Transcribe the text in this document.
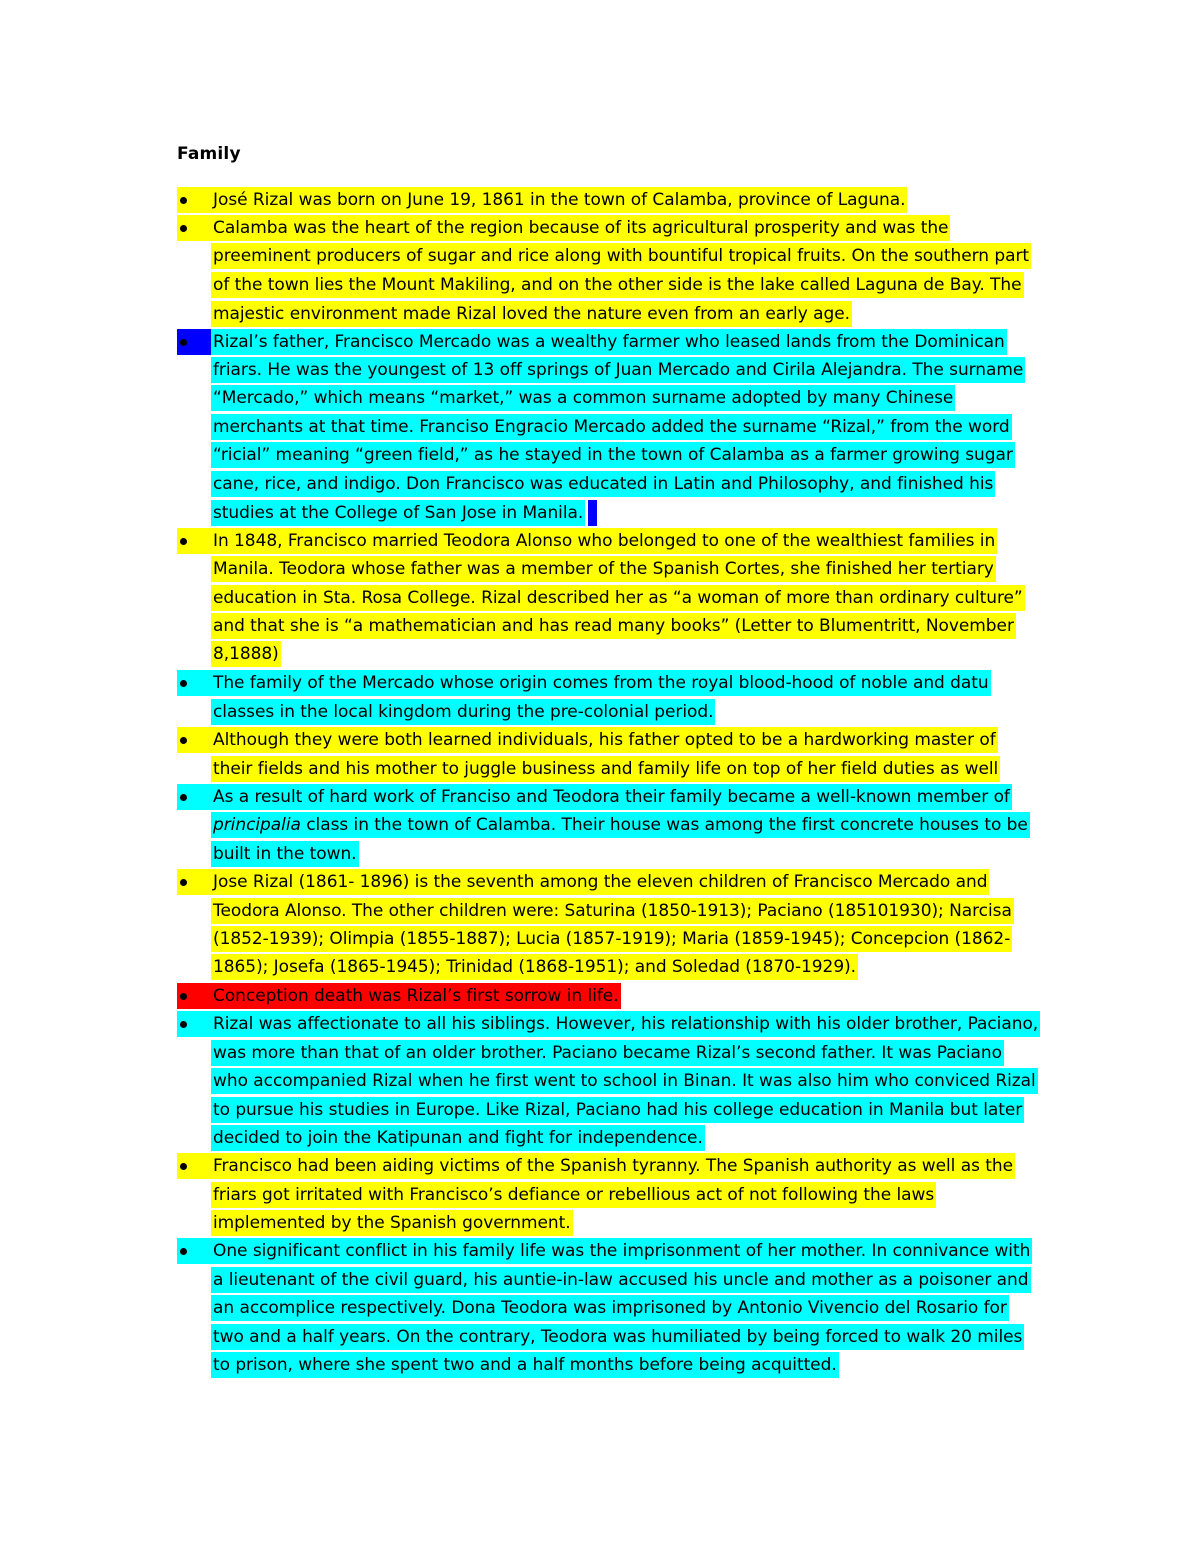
Family
José Rizal was born on June 19, 1861 in the town of Calamba, province of Laguna.
Calamba was the heart of the region because of its agricultural prosperity and was the
preeminent producers of sugar and rice along with bountiful tropical fruits. On the southern part
of the town lies the Mount Makiling, and on the other side is the lake called Laguna de Bay. The
majestic environment made Rizal loved the nature even from an early age.
Rizal’s father, Francisco Mercado was a wealthy farmer who leased lands from the Dominican
friars. He was the youngest of 13 off springs of Juan Mercado and Cirila Alejandra. The surname
“Mercado,” which means “market,” was a common surname adopted by many Chinese
merchants at that time. Franciso Engracio Mercado added the surname “Rizal,” from the word
“ricial” meaning “green field,” as he stayed in the town of Calamba as a farmer growing sugar
cane, rice, and indigo. Don Francisco was educated in Latin and Philosophy, and finished his
studies at the College of San Jose in Manila.
In 1848, Francisco married Teodora Alonso who belonged to one of the wealthiest families in
Manila. Teodora whose father was a member of the Spanish Cortes, she finished her tertiary
education in Sta. Rosa College. Rizal described her as “a woman of more than ordinary culture”
and that she is “a mathematician and has read many books” (Letter to Blumentritt, November
8,1888)
The family of the Mercado whose origin comes from the royal blood-hood of noble and datu
classes in the local kingdom during the pre-colonial period.
Although they were both learned individuals, his father opted to be a hardworking master of
their fields and his mother to juggle business and family life on top of her field duties as well
As a result of hard work of Franciso and Teodora their family became a well-known member of
principalia class in the town of Calamba. Their house was among the first concrete houses to be
built in the town.
Jose Rizal (1861- 1896) is the seventh among the eleven children of Francisco Mercado and
Teodora Alonso. The other children were: Saturina (1850-1913); Paciano (185101930); Narcisa
(1852-1939); Olimpia (1855-1887); Lucia (1857-1919); Maria (1859-1945); Concepcion (1862-
1865); Josefa (1865-1945); Trinidad (1868-1951); and Soledad (1870-1929).
Conception death was Rizal’s first sorrow in life.
Rizal was affectionate to all his siblings. However, his relationship with his older brother, Paciano,
was more than that of an older brother. Paciano became Rizal’s second father. It was Paciano
who accompanied Rizal when he first went to school in Binan. It was also him who conviced Rizal
to pursue his studies in Europe. Like Rizal, Paciano had his college education in Manila but later
decided to join the Katipunan and fight for independence.
Francisco had been aiding victims of the Spanish tyranny. The Spanish authority as well as the
friars got irritated with Francisco’s defiance or rebellious act of not following the laws
implemented by the Spanish government.
One significant conflict in his family life was the imprisonment of her mother. In connivance with
a lieutenant of the civil guard, his auntie-in-law accused his uncle and mother as a poisoner and
an accomplice respectively. Dona Teodora was imprisoned by Antonio Vivencio del Rosario for
two and a half years. On the contrary, Teodora was humiliated by being forced to walk 20 miles
to prison, where she spent two and a half months before being acquitted.
